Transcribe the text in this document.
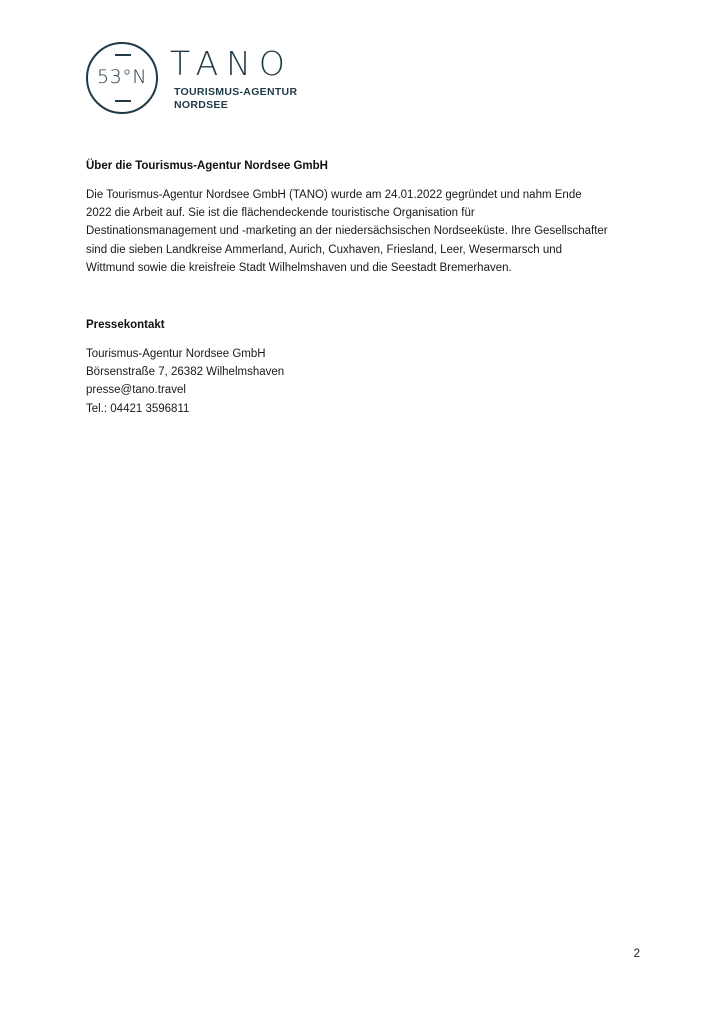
53°N TANO
TOURISMUS-AGENTUR
NORDSEE
Über die Tourismus-Agentur Nordsee GmbH

Die Tourismus-Agentur Nordsee GmbH (TANO) wurde am 24.01.2022 gegründet und nahm Ende
2022 die Arbeit auf. Sie ist die flächendeckende touristische Organisation für
Destinationsmanagement und -marketing an der niedersächsischen Nordseeküste. Ihre Gesellschafter
sind die sieben Landkreise Ammerland, Aurich, Cuxhaven, Friesland, Leer, Wesermarsch und
Wittmund sowie die kreisfreie Stadt Wilhelmshaven und die Seestadt Bremerhaven.

Pressekontakt
Tourismus-Agentur Nordsee GmbH
Börsenstraße 7, 26382 Wilhelmshaven
presse@tano.travel
Tel.: 04421 3596811
2
